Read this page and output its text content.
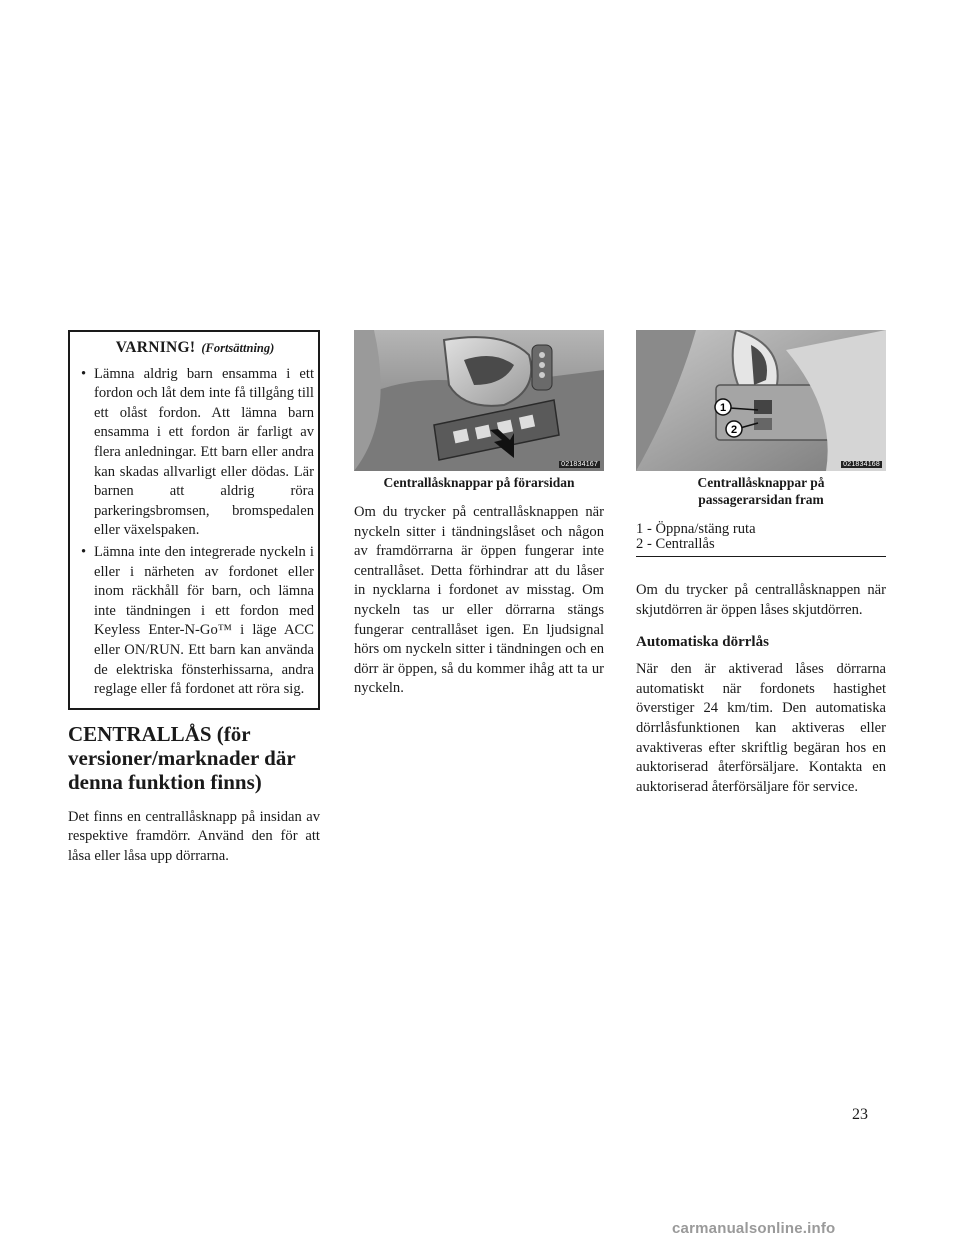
VARNING! (Fortsättning)
• Lämna aldrig barn ensamma i ett fordon och låt dem inte få tillgång till ett olåst fordon. Att lämna barn ensamma i ett fordon är farligt av flera anledningar. Ett barn eller andra kan skadas allvarligt eller dödas. Lär barnen att aldrig röra parkeringsbromsen, bromspedalen eller växelspaken.
• Lämna inte den integrerade nyckeln i eller i närheten av fordonet eller inom räckhåll för barn, och lämna inte tändningen i ett fordon med Keyless Enter-N-Go™ i läge ACC eller ON/RUN. Ett barn kan använda de elektriska fönsterhissarna, andra reglage eller få fordonet att röra sig.
CENTRALLÅS (för versioner/marknader där denna funktion finns)

Det finns en centrallåsknapp på insidan av respektive framdörr. Använd den för att låsa eller låsa upp dörrarna.

021834167
Centrallåsknappar på förarsidan

Om du trycker på centrallåsknappen när nyckeln sitter i tändningslåset och någon av framdörrarna är öppen fungerar inte centrallåset. Detta förhindrar att du låser in nycklarna i fordonet av misstag. Om nyckeln tas ur eller dörrarna stängs fungerar centrallåset igen. En ljudsignal hörs om nyckeln sitter i tändningen och en dörr är öppen, så du kommer ihåg att ta ur nyckeln.

1
2
021834168
Centrallåsknappar på passagerarsidan fram
1 - Öppna/stäng ruta
2 - Centrallås

Om du trycker på centrallåsknappen när skjutdörren är öppen låses skjutdörren.

Automatiska dörrlås

När den är aktiverad låses dörrarna automatiskt när fordonets hastighet överstiger 24 km/tim. Den automatiska dörrlåsfunktionen kan aktiveras eller avaktiveras efter skriftlig begäran hos en auktoriserad återförsäljare. Kontakta en auktoriserad återförsäljare för service.

23
carmanualsonline.info
